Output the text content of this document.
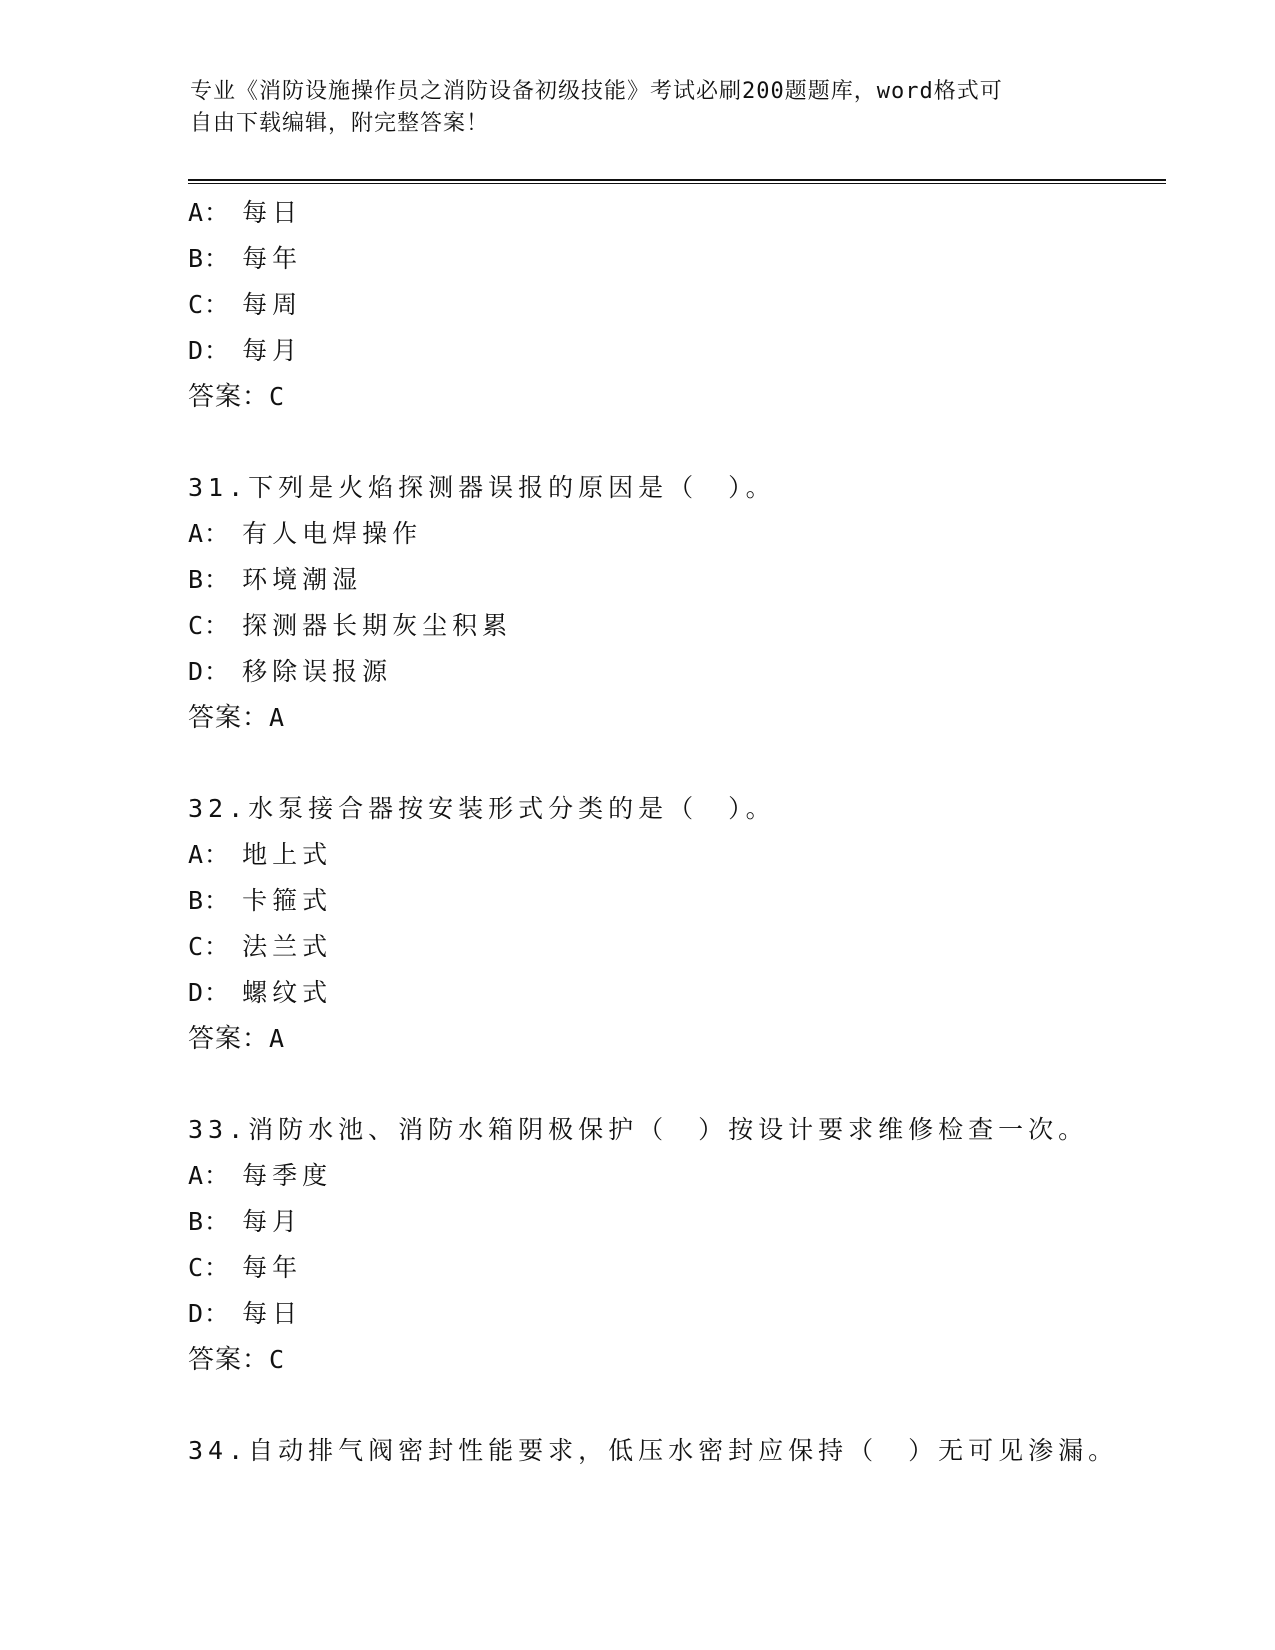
专业《消防设施操作员之消防设备初级技能》考试必刷200题题库，word格式可
自由下载编辑，附完整答案！
A： 每日
B： 每年
C： 每周
D： 每月
答案：C
31.下列是火焰探测器误报的原因是（　）。
A： 有人电焊操作
B： 环境潮湿
C： 探测器长期灰尘积累
D： 移除误报源
答案：A
32.水泵接合器按安装形式分类的是（　）。
A： 地上式
B： 卡箍式
C： 法兰式
D： 螺纹式
答案：A
33.消防水池、消防水箱阴极保护（　）按设计要求维修检查一次。
A： 每季度
B： 每月
C： 每年
D： 每日
答案：C
34.自动排气阀密封性能要求，低压水密封应保持（　）无可见渗漏。
